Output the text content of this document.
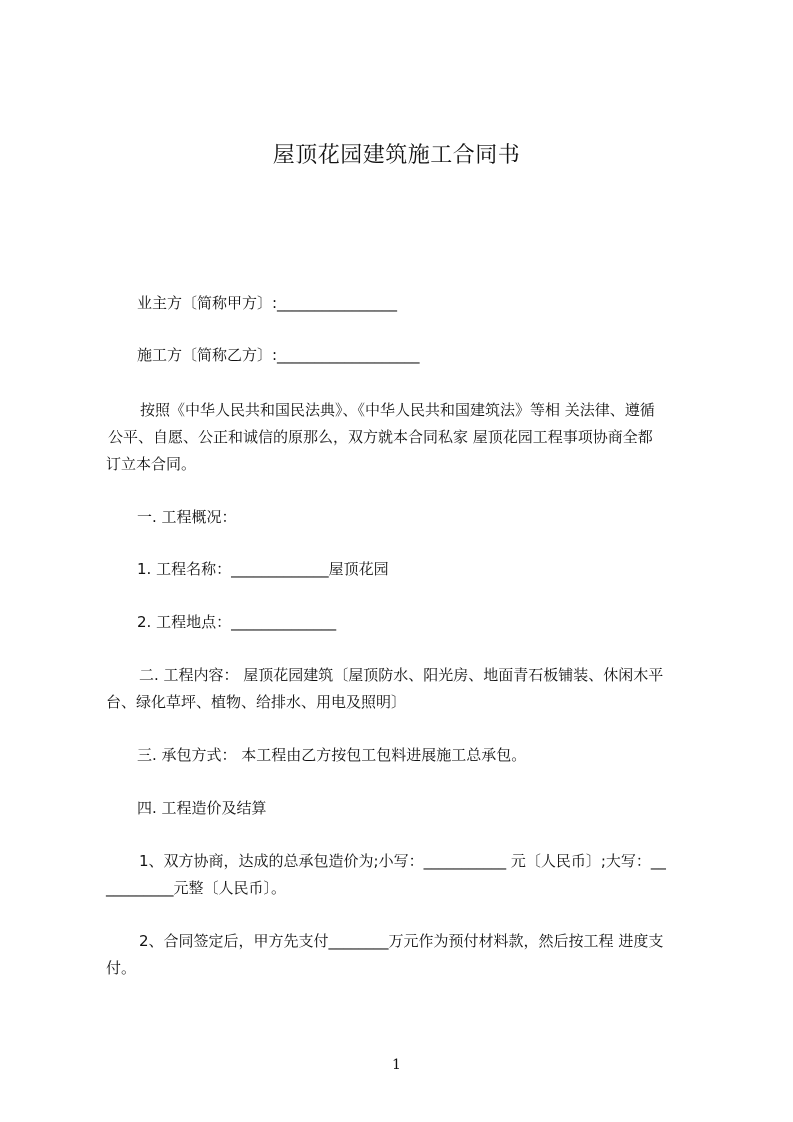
屋顶花园建筑施工合同书
业主方〔简称甲方〕:________________
施工方〔简称乙方〕:___________________
按照《中华人民共和国民法典》、《中华人民共和国建筑法》等相 关法律、遵循
公平、自愿、公正和诚信的原那么，双方就本合同私家 屋顶花园工程事项协商全都
订立本合同。
一. 工程概况：
1. 工程名称：_____________屋顶花园
2. 工程地点：______________
二. 工程内容： 屋顶花园建筑〔屋顶防水、阳光房、地面青石板铺装、休闲木平
台、绿化草坪、植物、给排水、用电及照明〕
三. 承包方式： 本工程由乙方按包工包料进展施工总承包。
四. 工程造价及结算
1、双方协商，达成的总承包造价为;小写：___________ 元〔人民币〕;大写：__
_________元整〔人民币〕。
2、合同签定后，甲方先支付________万元作为预付材料款，然后按工程 进度支
付。
1
